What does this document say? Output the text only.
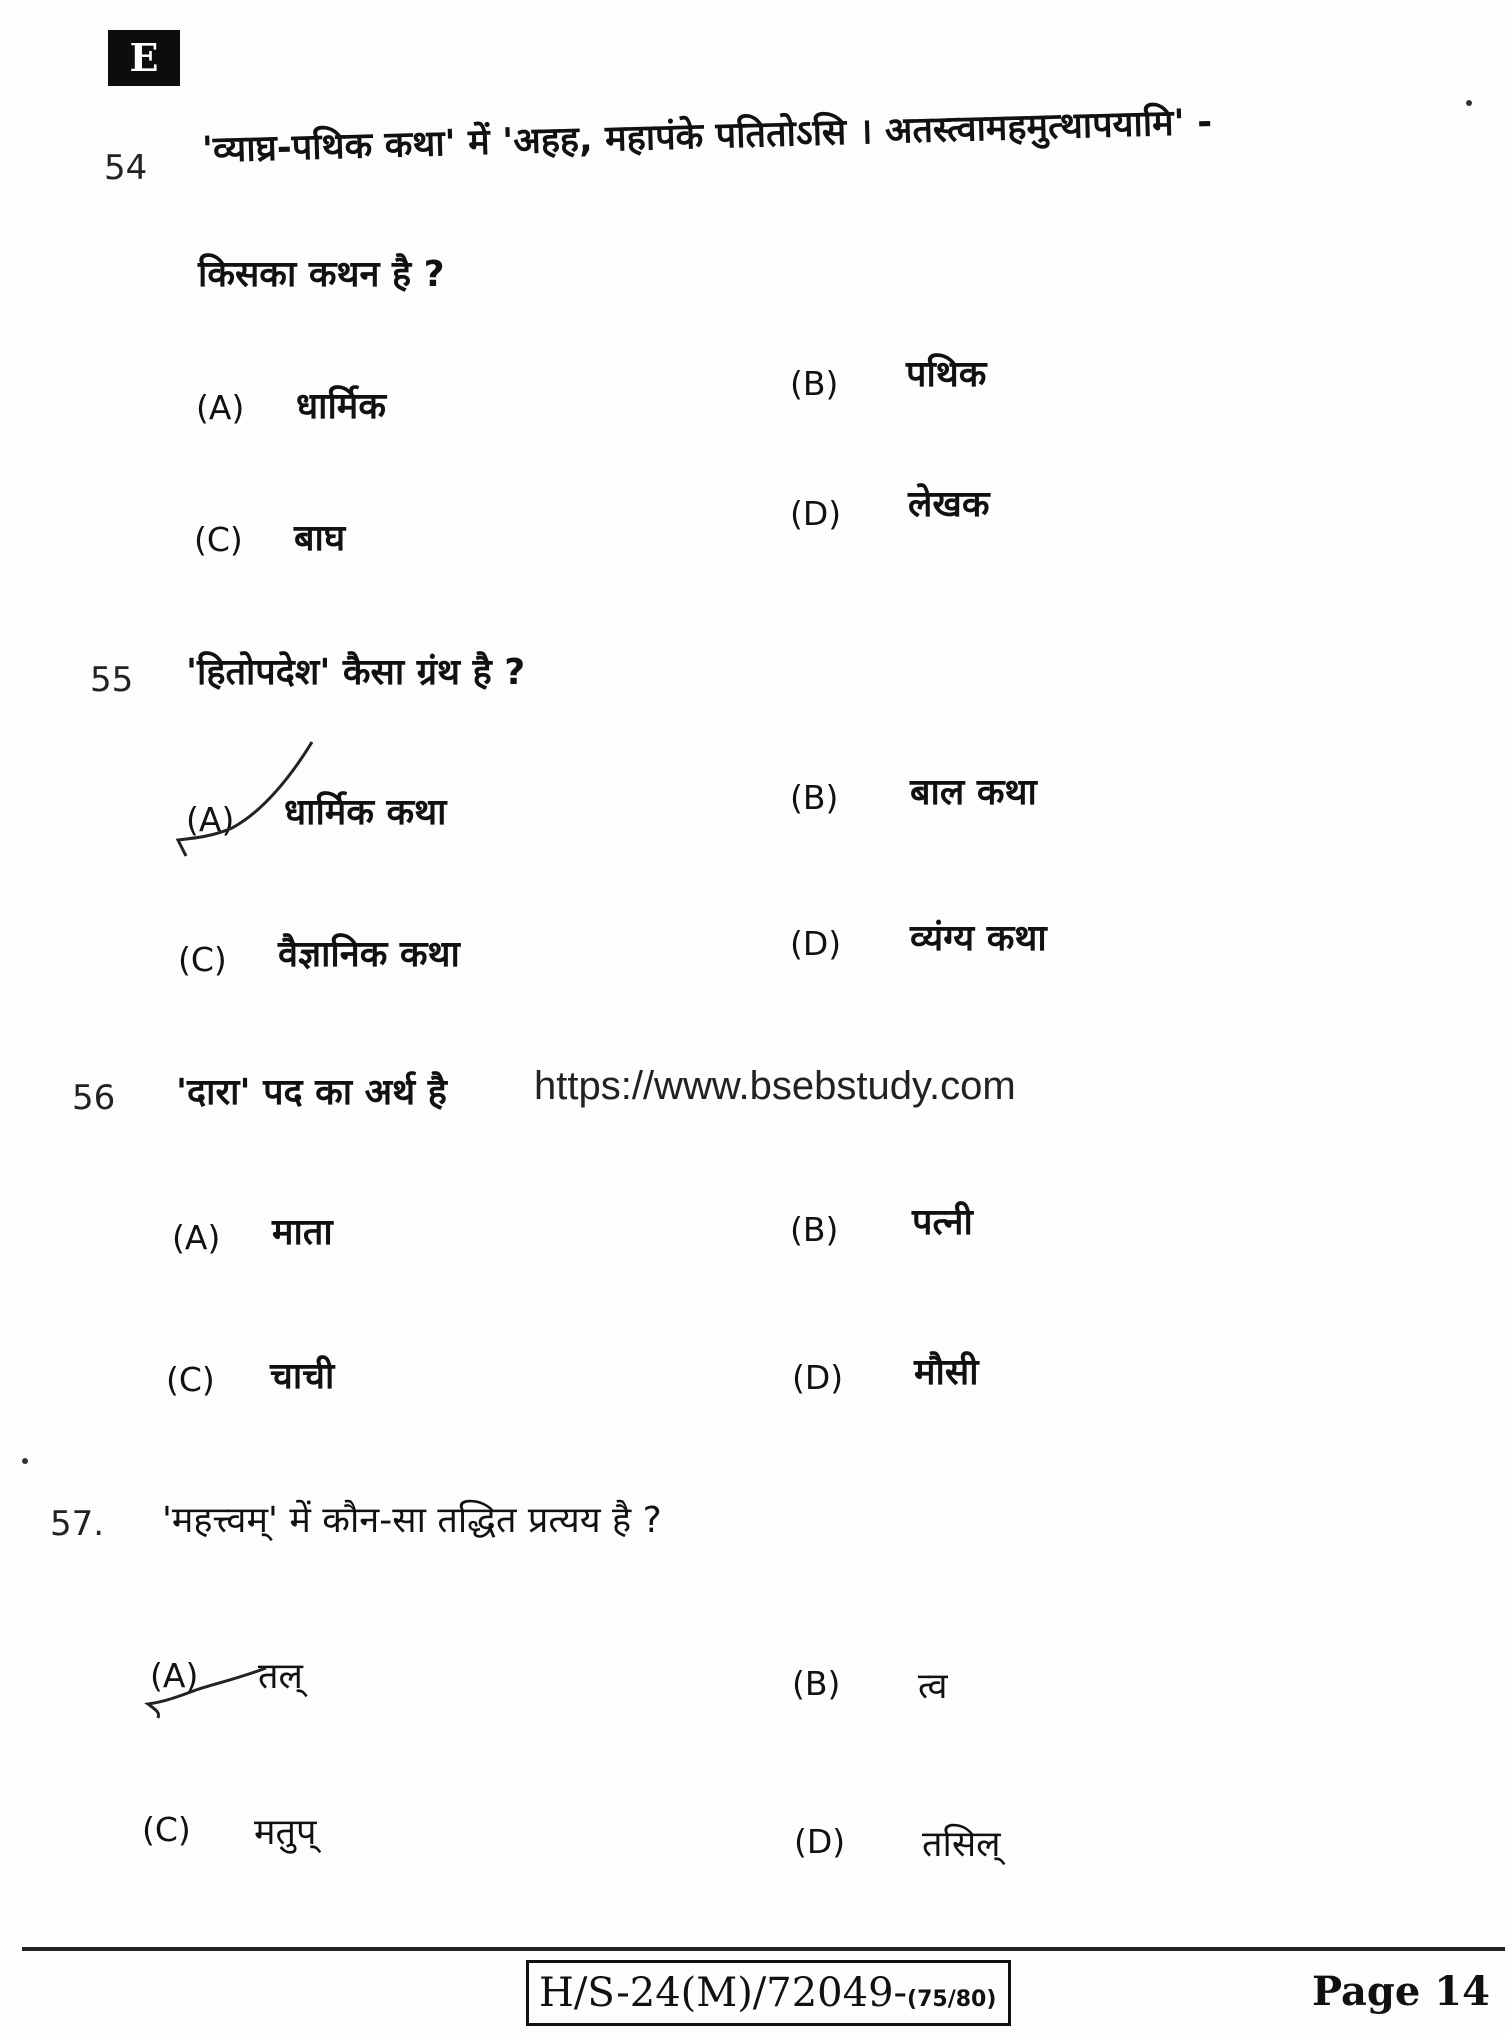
E
54 'व्याघ्र-पथिक कथा' में 'अहह, महापंके पतितोऽसि । अतस्त्वामहमुत्थापयामि' -
किसका कथन है ?
(A) धार्मिक
(B) पथिक
(C) बाघ
(D) लेखक
55 'हितोपदेश' कैसा ग्रंथ है ?
(A) धार्मिक कथा	(B) बाल कथा
(C) वैज्ञानिक कथा	(D) व्यंग्य कथा
56 'दारा' पद का अर्थ है https://www.bsebstudy.com
(A) माता	(B) पत्नी
(C) चाची	(D) मौसी
57. 'महत्त्वम्' में कौन-सा तद्धित प्रत्यय है ?
(A) तल्	(B) त्व
(C) मतुप्	(D) तसिल्
H/S-24(M)/72049-(75/80)	Page 14
